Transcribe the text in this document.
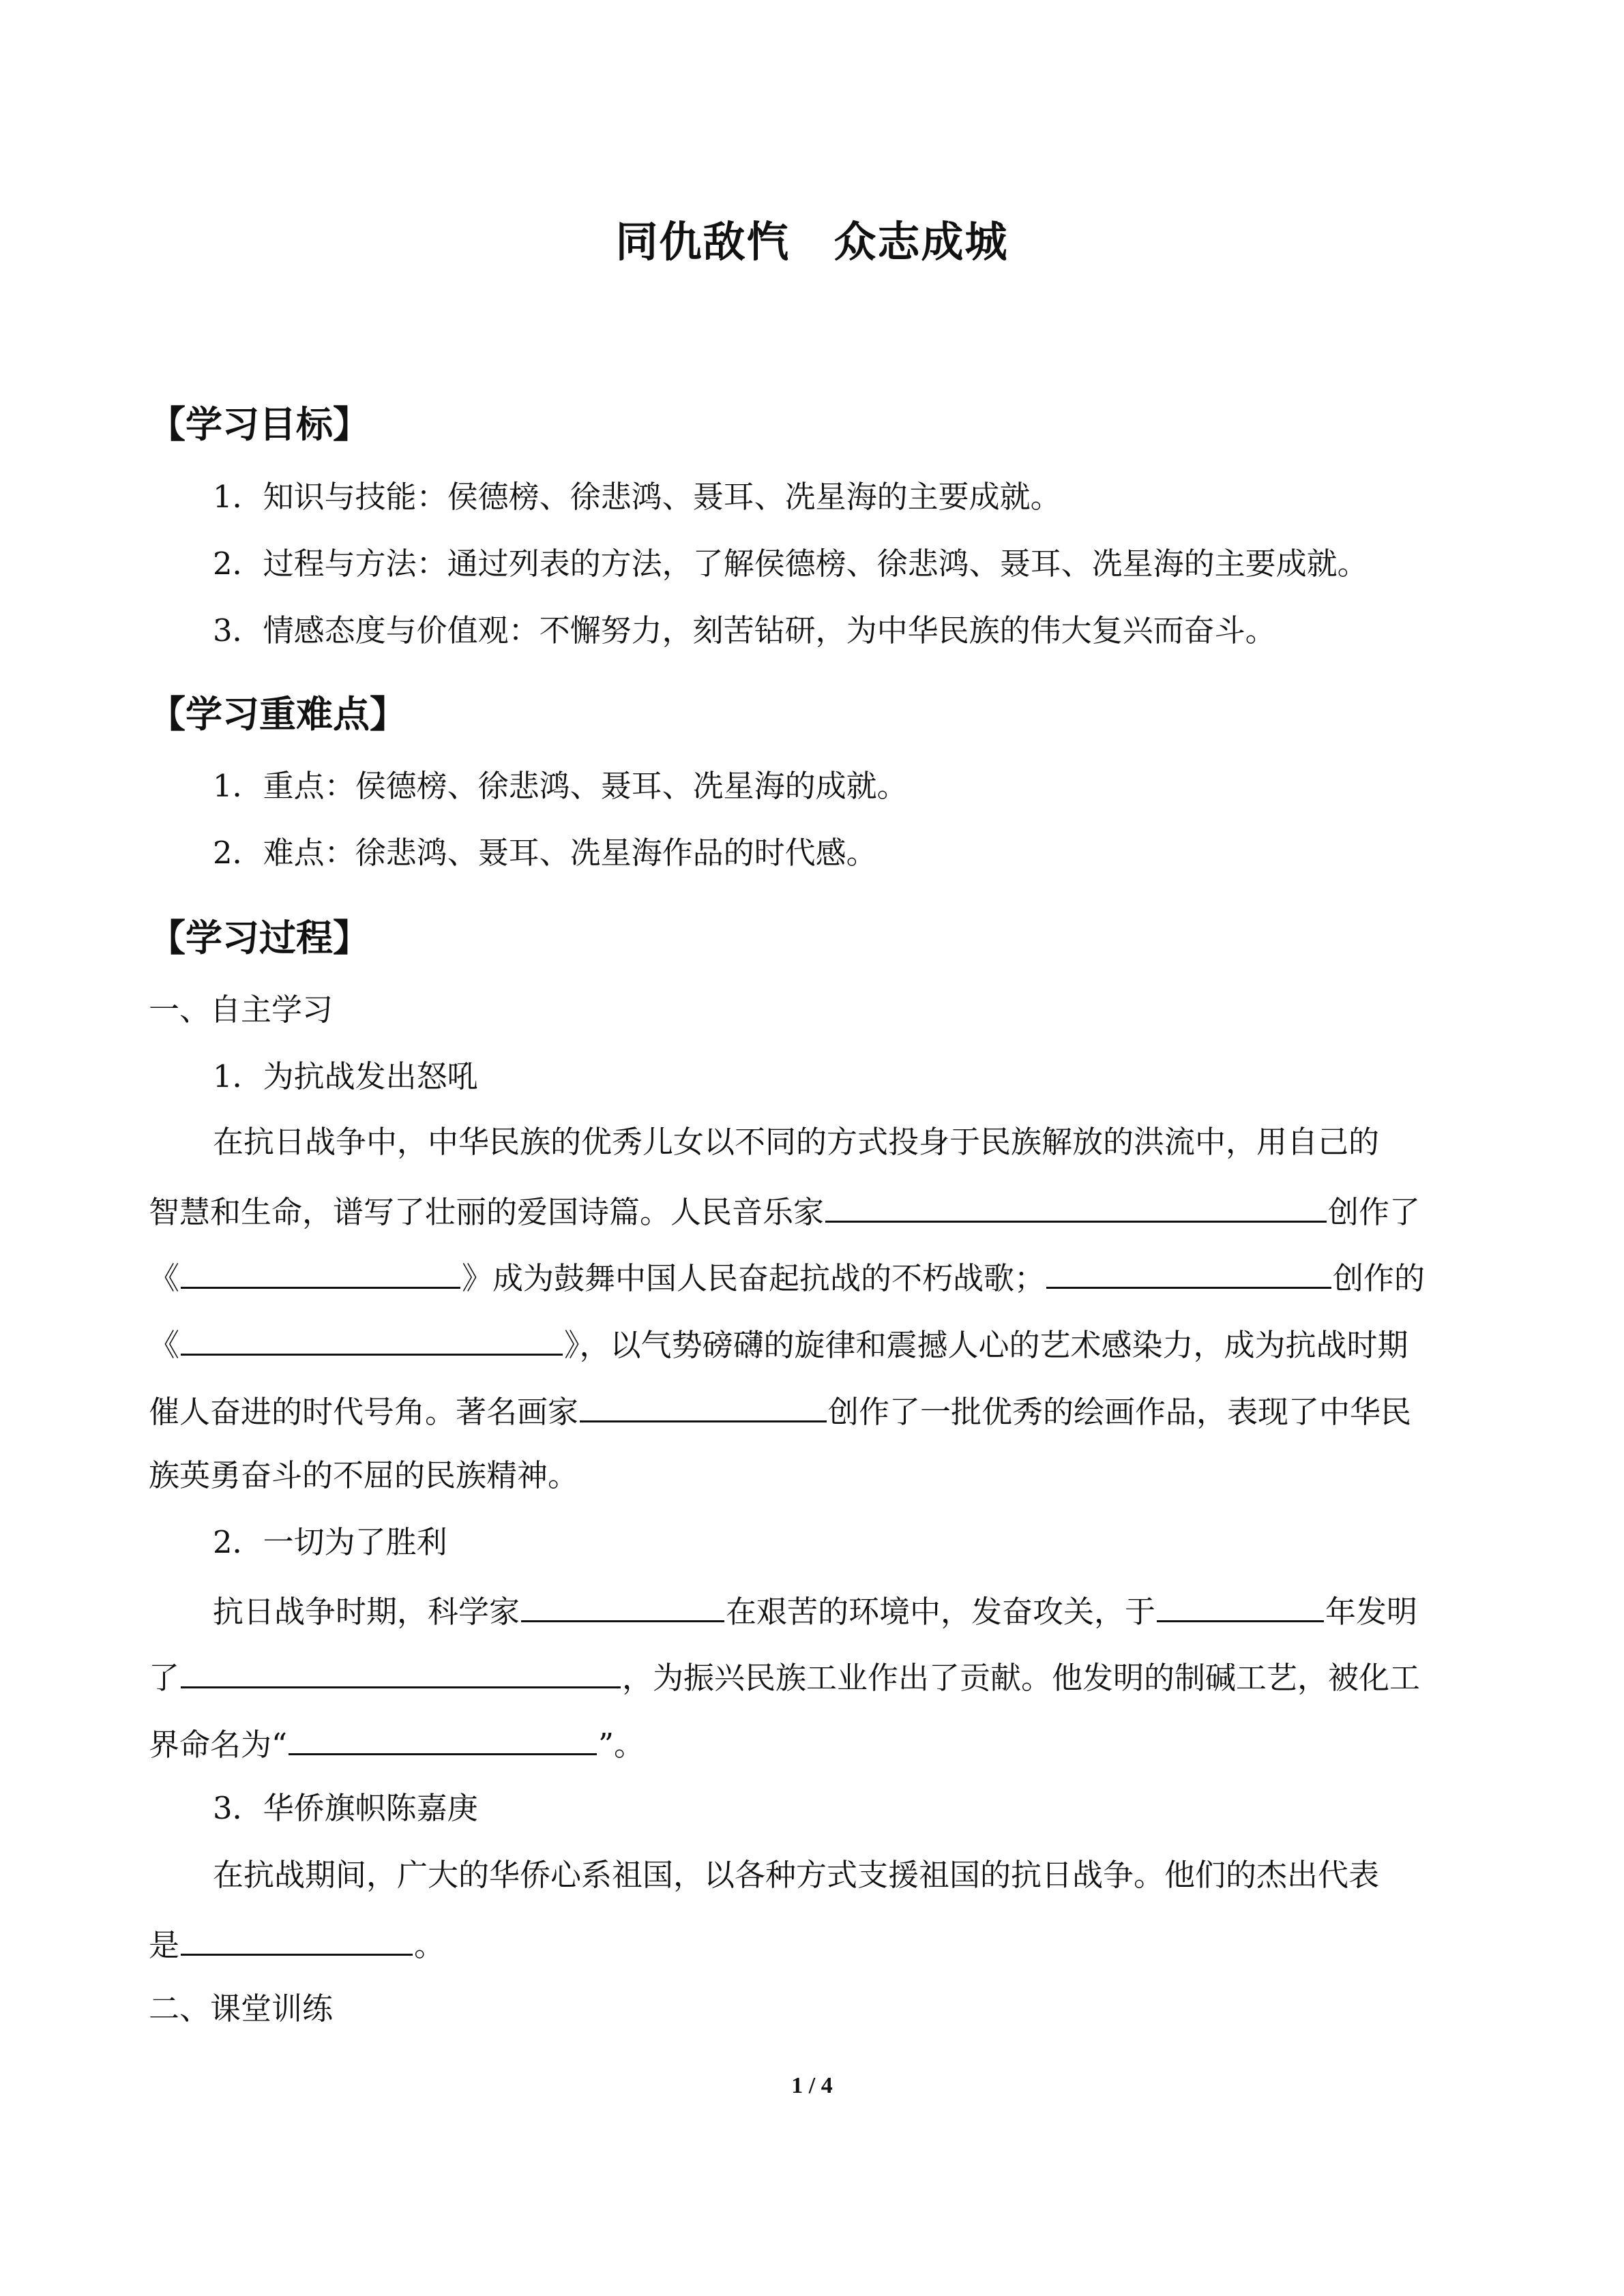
同仇敌忾 众志成城
【学习目标】
1．知识与技能：侯德榜、徐悲鸿、聂耳、冼星海的主要成就。
2．过程与方法：通过列表的方法，了解侯德榜、徐悲鸿、聂耳、冼星海的主要成就。
3．情感态度与价值观：不懈努力，刻苦钻研，为中华民族的伟大复兴而奋斗。
【学习重难点】
1．重点：侯德榜、徐悲鸿、聂耳、冼星海的成就。
2．难点：徐悲鸿、聂耳、冼星海作品的时代感。
【学习过程】
一、自主学习
1．为抗战发出怒吼
在抗日战争中，中华民族的优秀儿女以不同的方式投身于民族解放的洪流中，用自己的
智慧和生命，谱写了壮丽的爱国诗篇。人民音乐家	创作了
《	》成为鼓舞中国人民奋起抗战的不朽战歌；	创作的
《	》，以气势磅礴的旋律和震撼人心的艺术感染力，成为抗战时期
催人奋进的时代号角。著名画家	创作了一批优秀的绘画作品，表现了中华民
族英勇奋斗的不屈的民族精神。
2．一切为了胜利
抗日战争时期，科学家	在艰苦的环境中，发奋攻关，于	年发明
了	，为振兴民族工业作出了贡献。他发明的制碱工艺，被化工
界命名为“	”。
3．华侨旗帜陈嘉庚
在抗战期间，广大的华侨心系祖国，以各种方式支援祖国的抗日战争。他们的杰出代表
是	。
二、课堂训练
1 / 4
